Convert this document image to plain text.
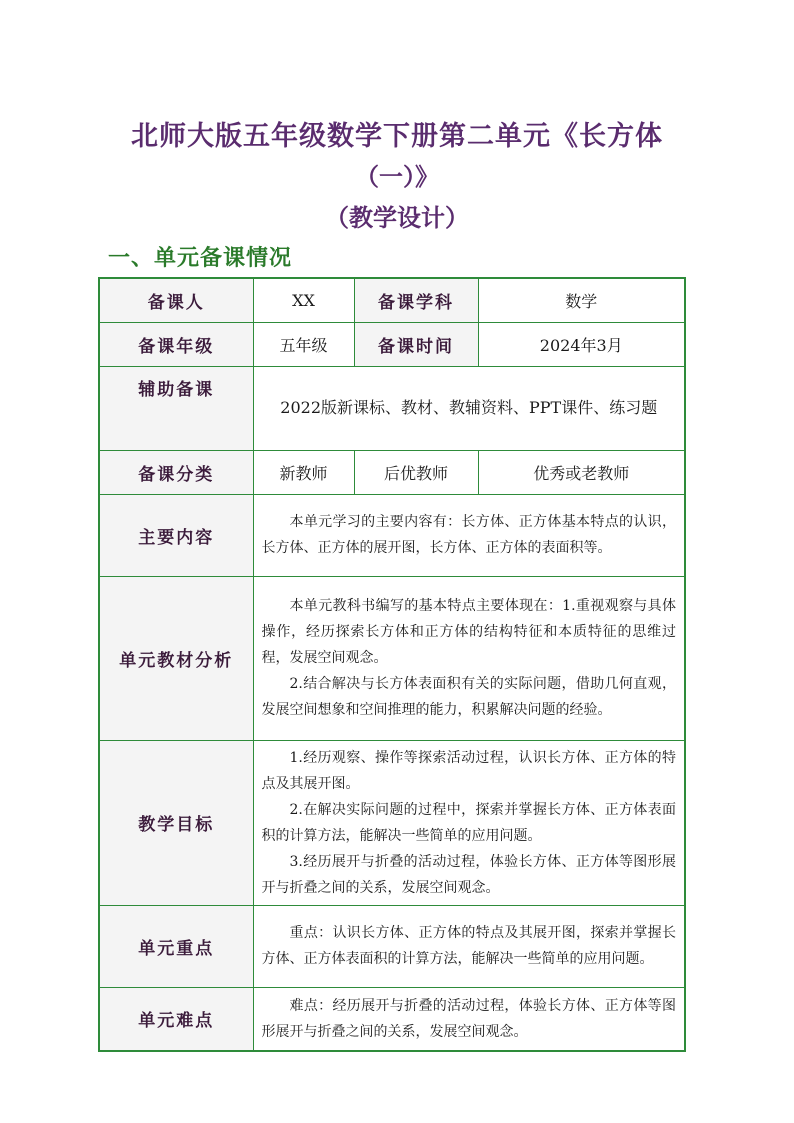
北师大版五年级数学下册第二单元《长方体
（一）》
（教学设计）
一、单元备课情况
备课人	XX	备课学科	数学
备课年级	五年级	备课时间	2024年3月
辅助备课	2022版新课标、教材、教辅资料、PPT课件、练习题		
备课分类	新教师	后优教师	优秀或老教师
主要内容	本单元学习的主要内容有：长方体、正方体基本特点的认识，长方体、正方体的展开图，长方体、正方体的表面积等。		

单元教材分析	本单元教科书编写的基本特点主要体现在：1.重视观察与具体操作，经历探索长方体和正方体的结构特征和本质特征的思维过程，发展空间观念。

2.结合解决与长方体表面积有关的实际问题，借助几何直观，发展空间想象和空间推理的能力，积累解决问题的经验。		

教学目标	1.经历观察、操作等探索活动过程，认识长方体、正方体的特点及其展开图。

2.在解决实际问题的过程中，探索并掌握长方体、正方体表面积的计算方法，能解决一些简单的应用问题。

3.经历展开与折叠的活动过程，体验长方体、正方体等图形展开与折叠之间的关系，发展空间观念。		

单元重点	重点：认识长方体、正方体的特点及其展开图，探索并掌握长方体、正方体表面积的计算方法，能解决一些简单的应用问题。		

单元难点	难点：经历展开与折叠的活动过程，体验长方体、正方体等图形展开与折叠之间的关系，发展空间观念。		
